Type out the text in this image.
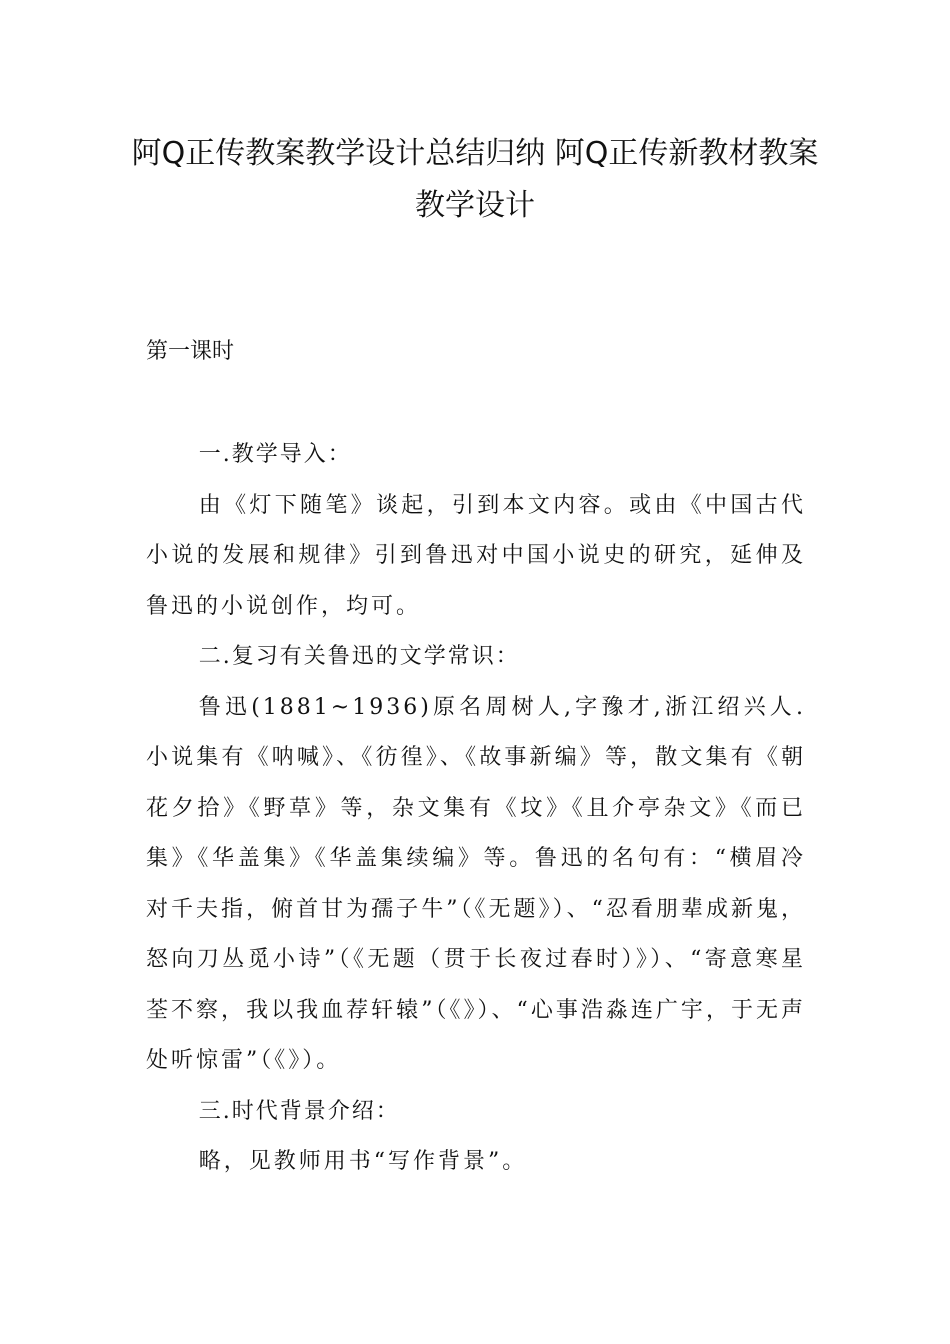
阿Q正传教案教学设计总结归纳 阿Q正传新教材教案教学设计

第一课时

一.教学导入：

由《灯下随笔》谈起，引到本文内容。或由《中国古代小说的发展和规律》引到鲁迅对中国小说史的研究，延伸及鲁迅的小说创作，均可。

二.复习有关鲁迅的文学常识：

鲁迅(1881~1936)原名周树人,字豫才,浙江绍兴人.小说集有《呐喊》、《彷徨》、《故事新编》等，散文集有《朝花夕拾》《野草》等，杂文集有《坟》《且介亭杂文》《而已集》《华盖集》《华盖集续编》等。鲁迅的名句有：“横眉冷对千夫指，俯首甘为孺子牛”（《无题》）、“忍看朋辈成新鬼，怒向刀丛觅小诗”（《无题（贯于长夜过春时）》）、“寄意寒星荃不察，我以我血荐轩辕”（《》）、“心事浩淼连广宇，于无声处听惊雷”（《》）。

三.时代背景介绍：

略，见教师用书“写作背景”。
